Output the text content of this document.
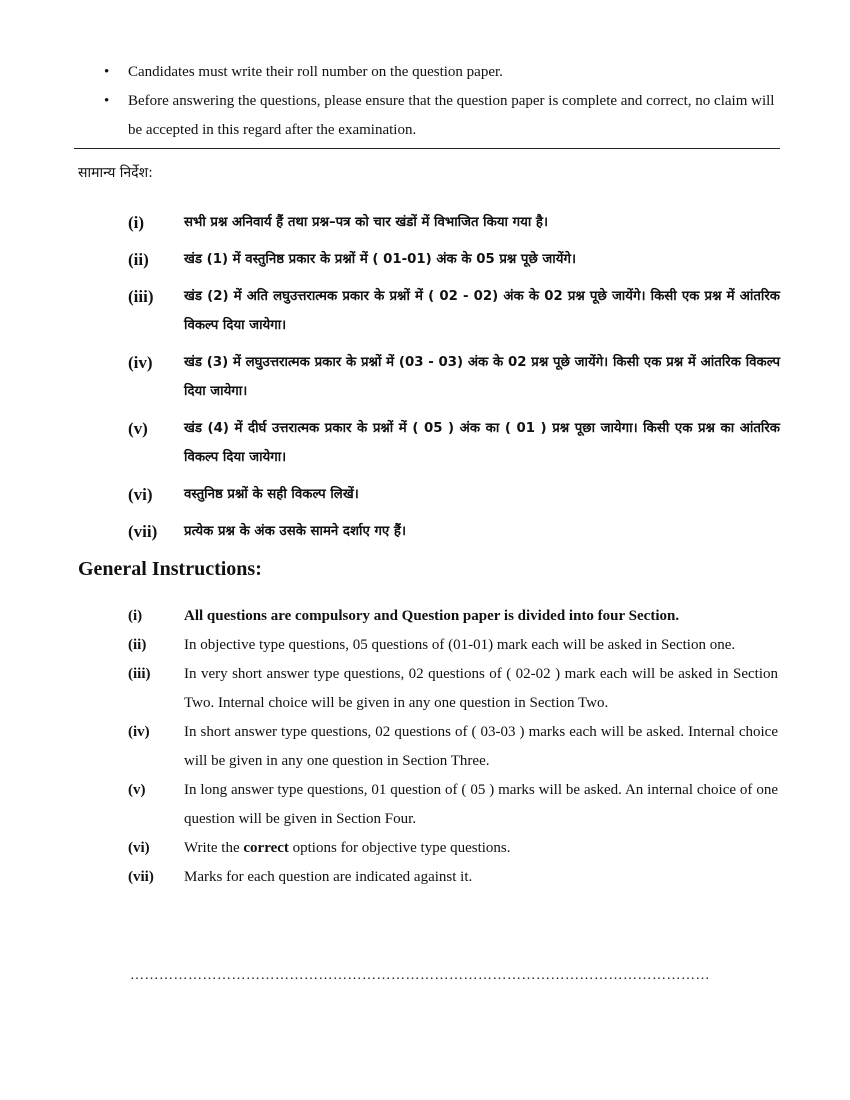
• Candidates must write their roll number on the question paper.
• Before answering the questions, please ensure that the question paper is complete and correct, no claim will be accepted in this regard after the examination.
सामान्य निर्देश:
(i)	सभी प्रश्न अनिवार्य हैं तथा प्रश्न–पत्र को चार खंडों में विभाजित किया गया है।
(ii)	खंड (1) में वस्तुनिष्ठ प्रकार के प्रश्नों में ( 01-01) अंक के 05 प्रश्न पूछे जायेंगे।
(iii)	खंड (2) में अति लघुउत्तरात्मक प्रकार के प्रश्नों में ( 02 - 02) अंक के 02 प्रश्न पूछे जायेंगे। किसी एक प्रश्न में आंतरिक विकल्प दिया जायेगा।
(iv)	खंड (3) में लघुउत्तरात्मक प्रकार के प्रश्नों में (03 - 03) अंक के 02 प्रश्न पूछे जायेंगे। किसी एक प्रश्न में आंतरिक विकल्प दिया जायेगा।
(v)	खंड (4) में दीर्घ उत्तरात्मक प्रकार के प्रश्नों में ( 05 ) अंक का ( 01 ) प्रश्न पूछा जायेगा। किसी एक प्रश्न का आंतरिक विकल्प दिया जायेगा।
(vi)	वस्तुनिष्ठ प्रश्नों के सही विकल्प लिखें।
(vii)	प्रत्येक प्रश्न के अंक उसके सामने दर्शाए गए हैं।
General Instructions:
(i)	All questions are compulsory and Question paper is divided into four Section.
(ii)	In objective type questions, 05 questions of (01-01) mark each will be asked in Section one.
(iii)	In very short answer type questions, 02 questions of ( 02-02 ) mark each will be asked in Section Two. Internal choice will be given in any one question in Section Two.
(iv)	In short answer type questions, 02 questions of ( 03-03 ) marks each will be asked. Internal choice will be given in any one question in Section Three.
(v)	In long answer type questions, 01 question of ( 05 ) marks will be asked. An internal choice of one question will be given in Section Four.
(vi)	Write the correct options for objective type questions.
(vii)	Marks for each question are indicated against it.
…………………………………………………………………………………………………………
